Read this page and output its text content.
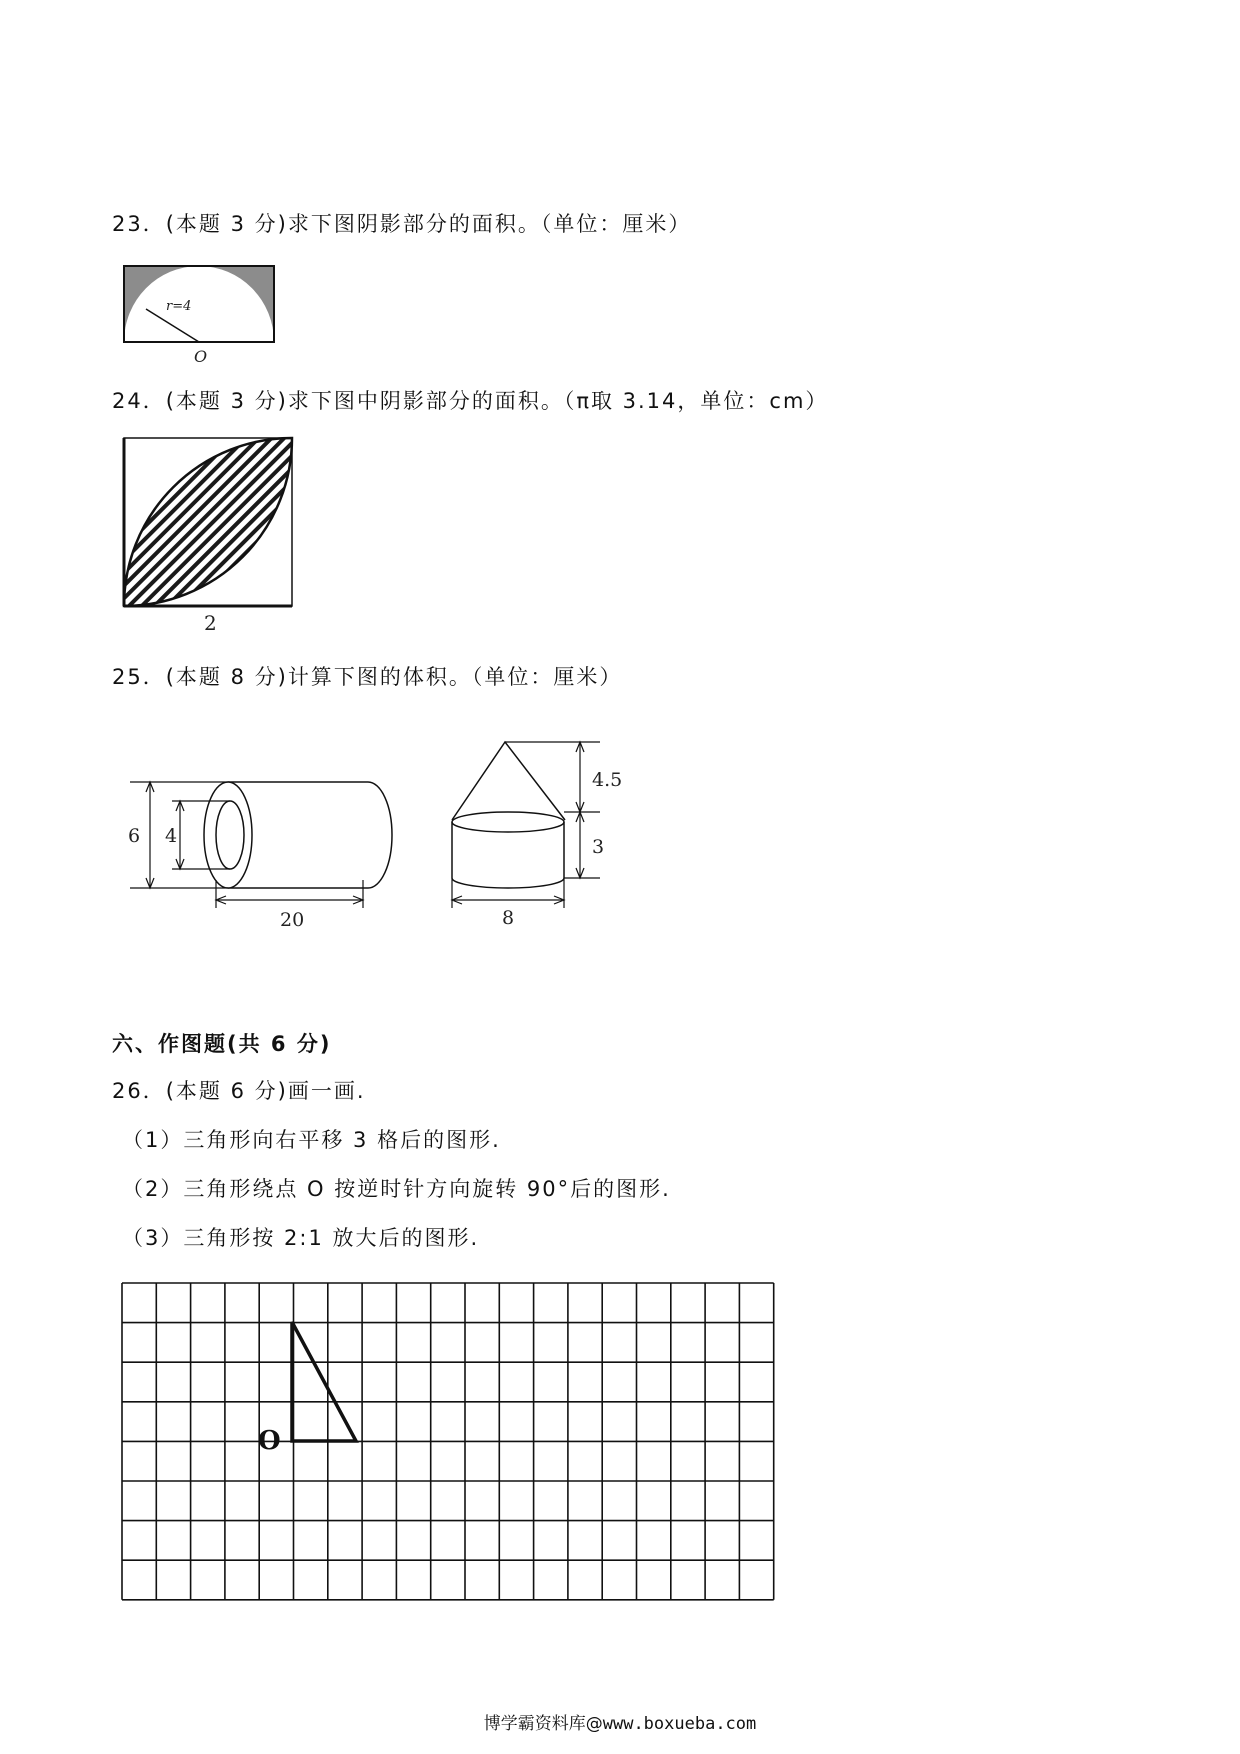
23．(本题 3 分)求下图阴影部分的面积。（单位：厘米）
r=4
O
24．(本题 3 分)求下图中阴影部分的面积。（π取 3.14，单位：cm）
2
25．(本题 8 分)计算下图的体积。（单位：厘米）
6 4
20
4.5
3
8
六、作图题(共 6 分)
26．(本题 6 分)画一画.
（1）三角形向右平移 3 格后的图形.
（2）三角形绕点 O 按逆时针方向旋转 90°后的图形.
（3）三角形按 2:1 放大后的图形.
O
博学霸资料库@www.boxueba.com
